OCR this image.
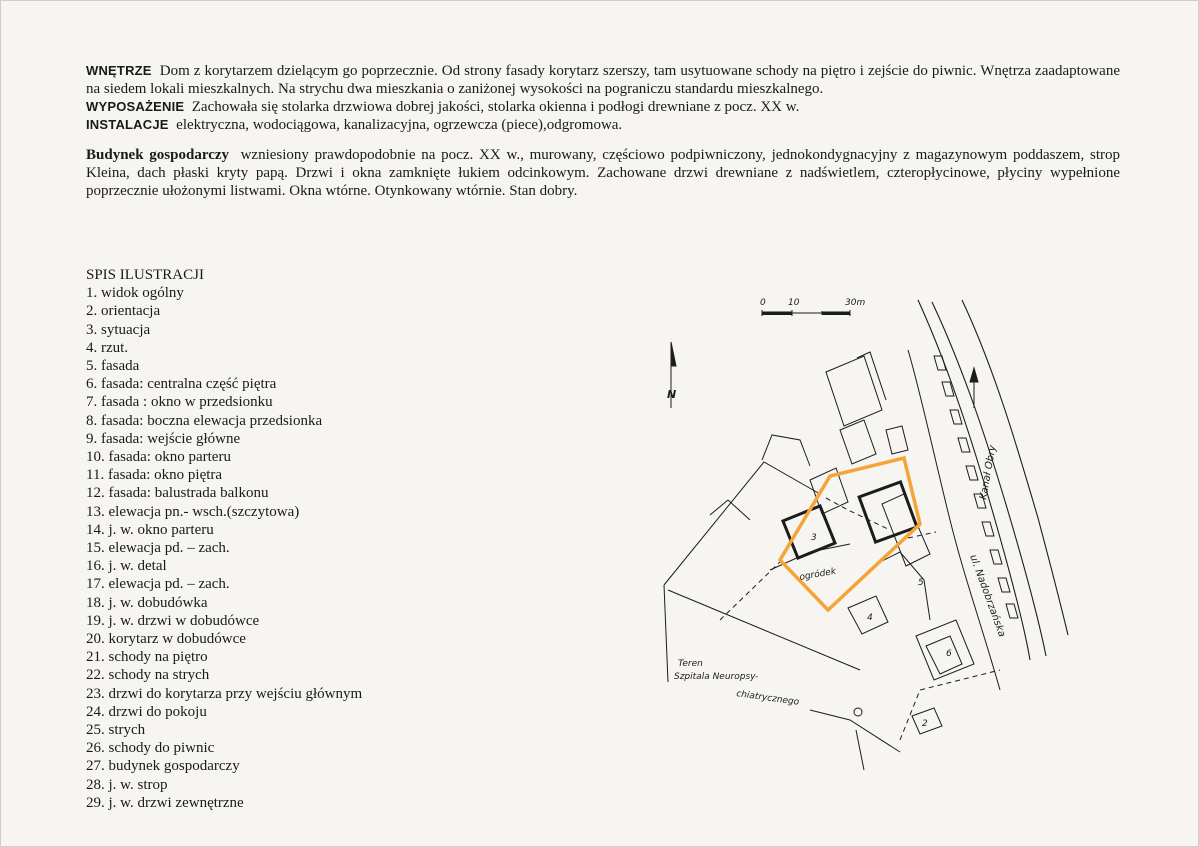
WNĘTRZE Dom z korytarzem dzielącym go poprzecznie. Od strony fasady korytarz szerszy, tam usytuowane schody na piętro i zejście do piwnic. Wnętrza zaadaptowane na siedem lokali mieszkalnych. Na strychu dwa mieszkania o zaniżonej wysokości na pograniczu standardu mieszkalnego.

WYPOSAŻENIE Zachowała się stolarka drzwiowa dobrej jakości, stolarka okienna i podłogi drewniane z pocz. XX w.

INSTALACJE elektryczna, wodociągowa, kanalizacyjna, ogrzewcza (piece),odgromowa.

Budynek gospodarczy wzniesiony prawdopodobnie na pocz. XX w., murowany, częściowo podpiwniczony, jednokondygnacyjny z magazynowym poddaszem, strop Kleina, dach płaski kryty papą. Drzwi i okna zamknięte łukiem odcinkowym. Zachowane drzwi drewniane z nadświetlem, czteropłycinowe, płyciny wypełnione poprzecznie ułożonymi listwami. Okna wtórne. Otynkowany wtórnie. Stan dobry.

SPIS ILUSTRACJI

1. widok ogólny
2. orientacja
3. sytuacja
4. rzut.
5. fasada
6. fasada: centralna część piętra
7. fasada : okno w przedsionku
8. fasada: boczna elewacja przedsionka
9. fasada: wejście główne
10. fasada: okno parteru
11. fasada: okno piętra
12. fasada: balustrada balkonu
13. elewacja pn.- wsch.(szczytowa)
14. j. w. okno parteru
15. elewacja pd. – zach.
16. j. w. detal
17. elewacja pd. – zach.
18. j. w. dobudówka
19. j. w. drzwi w dobudówce
20. korytarz w dobudówce
21. schody na piętro
22. schody na strych
23. drzwi do korytarza przy wejściu głównym
24. drzwi do pokoju
25. strych
26. schody do piwnic
27. budynek gospodarczy
28. j. w. strop
29. j. w. drzwi zewnętrzne
0 10	30m
N
ogródek
Kanał Obry
ul. Nadobrzańska
Teren
Szpitala Neuropsy-
chiatrycznego
3
4
5
6
2
